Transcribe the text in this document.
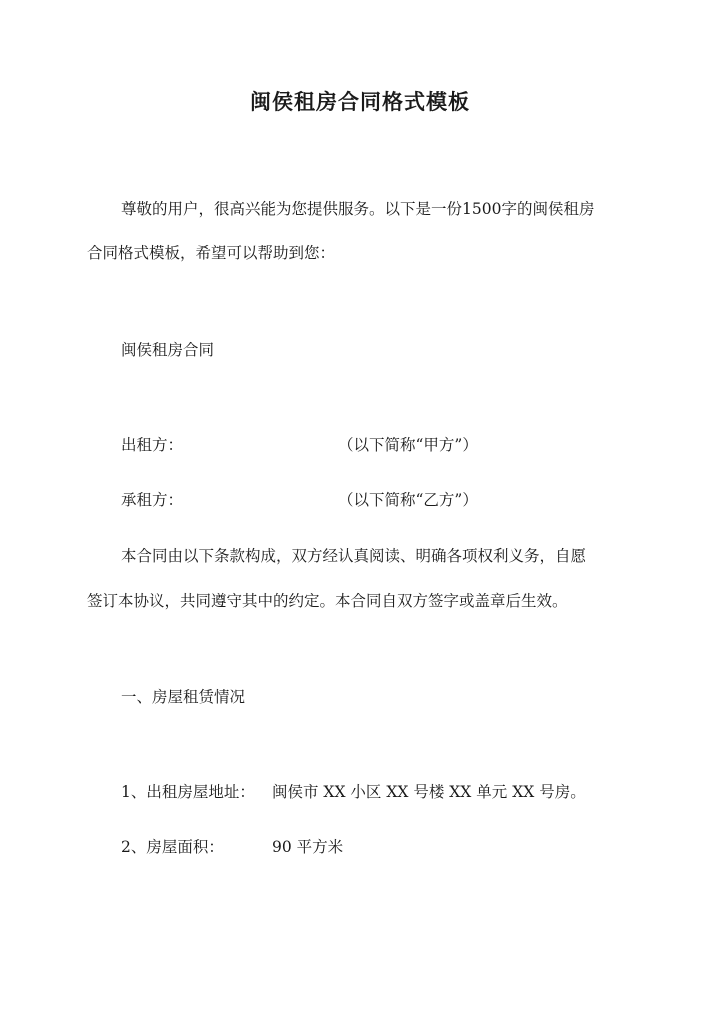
闽侯租房合同格式模板
尊敬的用户，很高兴能为您提供服务。以下是一份1500字的闽侯租房
合同格式模板，希望可以帮助到您：
闽侯租房合同
出租方：	（以下简称“甲方”）
承租方：	（以下简称“乙方”）
本合同由以下条款构成，双方经认真阅读、明确各项权利义务，自愿
签订本协议，共同遵守其中的约定。本合同自双方签字或盖章后生效。
一、房屋租赁情况
1、出租房屋地址： 闽侯市 XX 小区 XX 号楼 XX 单元 XX 号房。
2、房屋面积：	90 平方米
